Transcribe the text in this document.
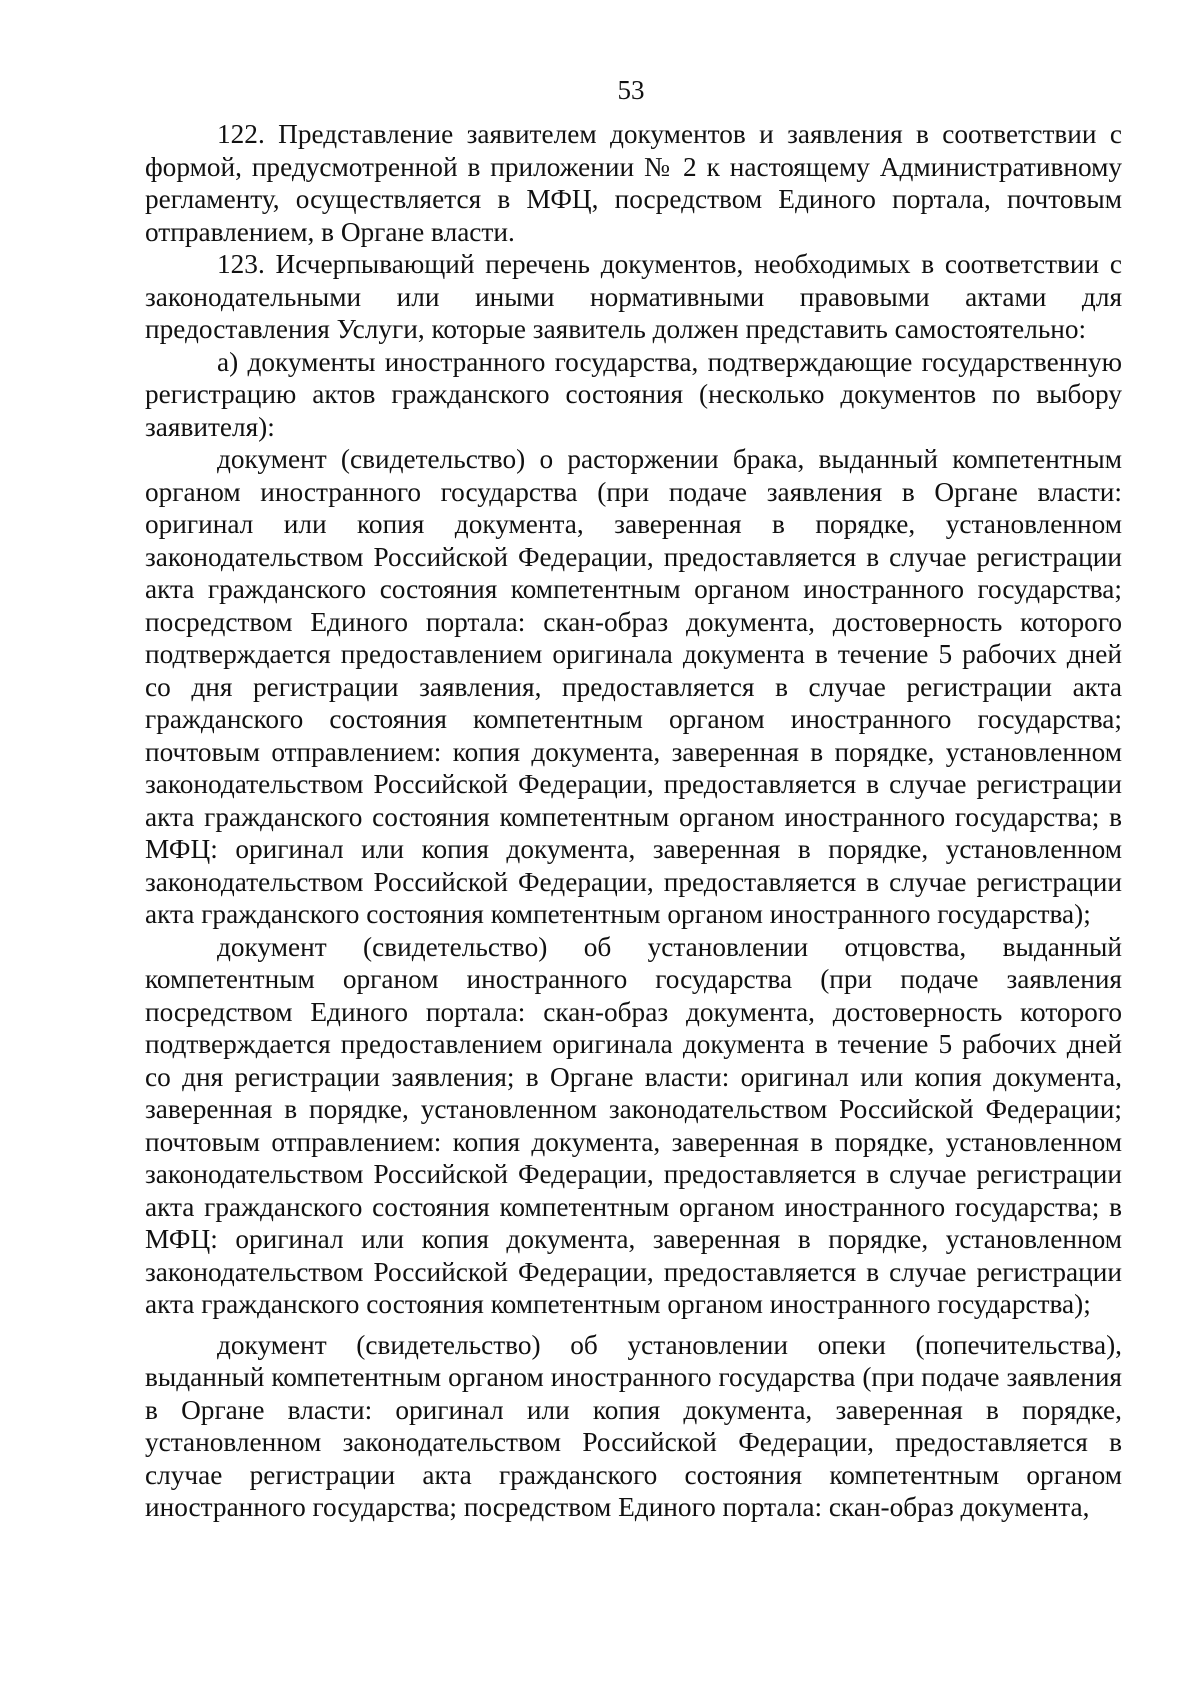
53

122. Представление заявителем документов и заявления в соответствии с формой, предусмотренной в приложении № 2 к настоящему Административному регламенту, осуществляется в МФЦ, посредством Единого портала, почтовым отправлением, в Органе власти.

123. Исчерпывающий перечень документов, необходимых в соответствии с законодательными или иными нормативными правовыми актами для предоставления Услуги, которые заявитель должен представить самостоятельно:

а) документы иностранного государства, подтверждающие государственную регистрацию актов гражданского состояния (несколько документов по выбору заявителя):

документ (свидетельство) о расторжении брака, выданный компетентным органом иностранного государства (при подаче заявления в Органе власти: оригинал или копия документа, заверенная в порядке, установленном законодательством Российской Федерации, предоставляется в случае регистрации акта гражданского состояния компетентным органом иностранного государства; посредством Единого портала: скан-образ документа, достоверность которого подтверждается предоставлением оригинала документа в течение 5 рабочих дней со дня регистрации заявления, предоставляется в случае регистрации акта гражданского состояния компетентным органом иностранного государства; почтовым отправлением: копия документа, заверенная в порядке, установленном законодательством Российской Федерации, предоставляется в случае регистрации акта гражданского состояния компетентным органом иностранного государства; в МФЦ: оригинал или копия документа, заверенная в порядке, установленном законодательством Российской Федерации, предоставляется в случае регистрации акта гражданского состояния компетентным органом иностранного государства);

документ (свидетельство) об установлении отцовства, выданный компетентным органом иностранного государства (при подаче заявления посредством Единого портала: скан-образ документа, достоверность которого подтверждается предоставлением оригинала документа в течение 5 рабочих дней со дня регистрации заявления; в Органе власти: оригинал или копия документа, заверенная в порядке, установленном законодательством Российской Федерации; почтовым отправлением: копия документа, заверенная в порядке, установленном законодательством Российской Федерации, предоставляется в случае регистрации акта гражданского состояния компетентным органом иностранного государства; в МФЦ: оригинал или копия документа, заверенная в порядке, установленном законодательством Российской Федерации, предоставляется в случае регистрации акта гражданского состояния компетентным органом иностранного государства);

документ (свидетельство) об установлении опеки (попечительства), выданный компетентным органом иностранного государства (при подаче заявления в Органе власти: оригинал или копия документа, заверенная в порядке, установленном законодательством Российской Федерации, предоставляется в случае регистрации акта гражданского состояния компетентным органом иностранного государства; посредством Единого портала: скан-образ документа,
